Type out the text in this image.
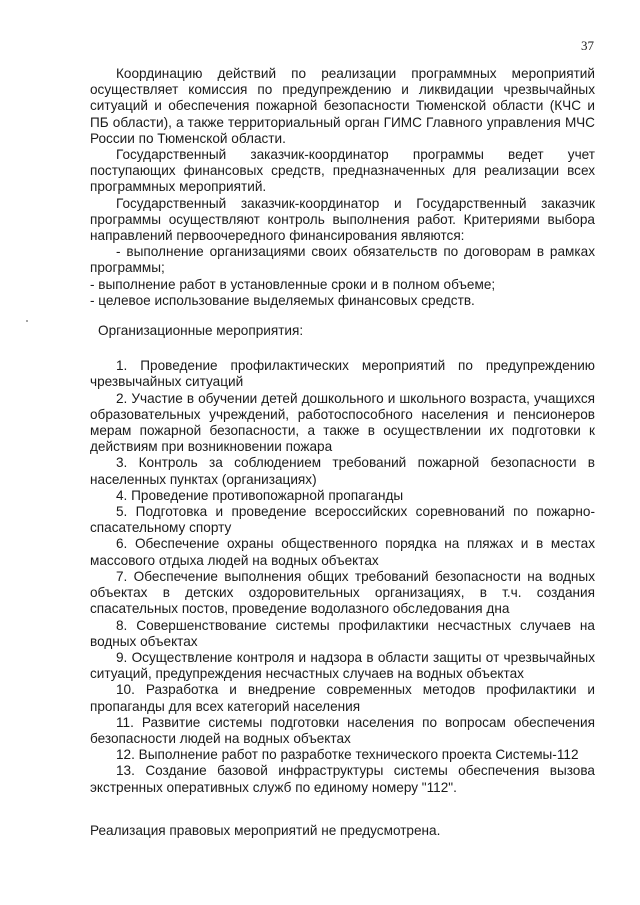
37

Координацию действий по реализации программных мероприятий осуществляет комиссия по предупреждению и ликвидации чрезвычайных ситуаций и обеспечения пожарной безопасности Тюменской области (КЧС и ПБ области), а также территориальный орган ГИМС Главного управления МЧС России по Тюменской области.

Государственный заказчик-координатор программы ведет учет поступающих финансовых средств, предназначенных для реализации всех программных мероприятий.

Государственный заказчик-координатор и Государственный заказчик программы осуществляют контроль выполнения работ. Критериями выбора направлений первоочередного финансирования являются:

- выполнение организациями своих обязательств по договорам в рамках программы;

- выполнение работ в установленные сроки и в полном объеме;

- целевое использование выделяемых финансовых средств.

Организационные мероприятия:

1. Проведение профилактических мероприятий по предупреждению чрезвычайных ситуаций

2. Участие в обучении детей дошкольного и школьного возраста, учащихся образовательных учреждений, работоспособного населения и пенсионеров мерам пожарной безопасности, а также в осуществлении их подготовки к действиям при возникновении пожара

3. Контроль за соблюдением требований пожарной безопасности в населенных пунктах (организациях)

4. Проведение противопожарной пропаганды

5. Подготовка и проведение всероссийских соревнований по пожарно-спасательному спорту

6. Обеспечение охраны общественного порядка на пляжах и в местах массового отдыха людей на водных объектах

7. Обеспечение выполнения общих требований безопасности на водных объектах в детских оздоровительных организациях, в т.ч. создания спасательных постов, проведение водолазного обследования дна

8. Совершенствование системы профилактики несчастных случаев на водных объектах

9. Осуществление контроля и надзора в области защиты от чрезвычайных ситуаций, предупреждения несчастных случаев на водных объектах

10. Разработка и внедрение современных методов профилактики и пропаганды для всех категорий населения

11. Развитие системы подготовки населения по вопросам обеспечения безопасности людей на водных объектах

12. Выполнение работ по разработке технического проекта Системы-112

13. Создание базовой инфраструктуры системы обеспечения вызова экстренных оперативных служб по единому номеру "112".

Реализация правовых мероприятий не предусмотрена.
